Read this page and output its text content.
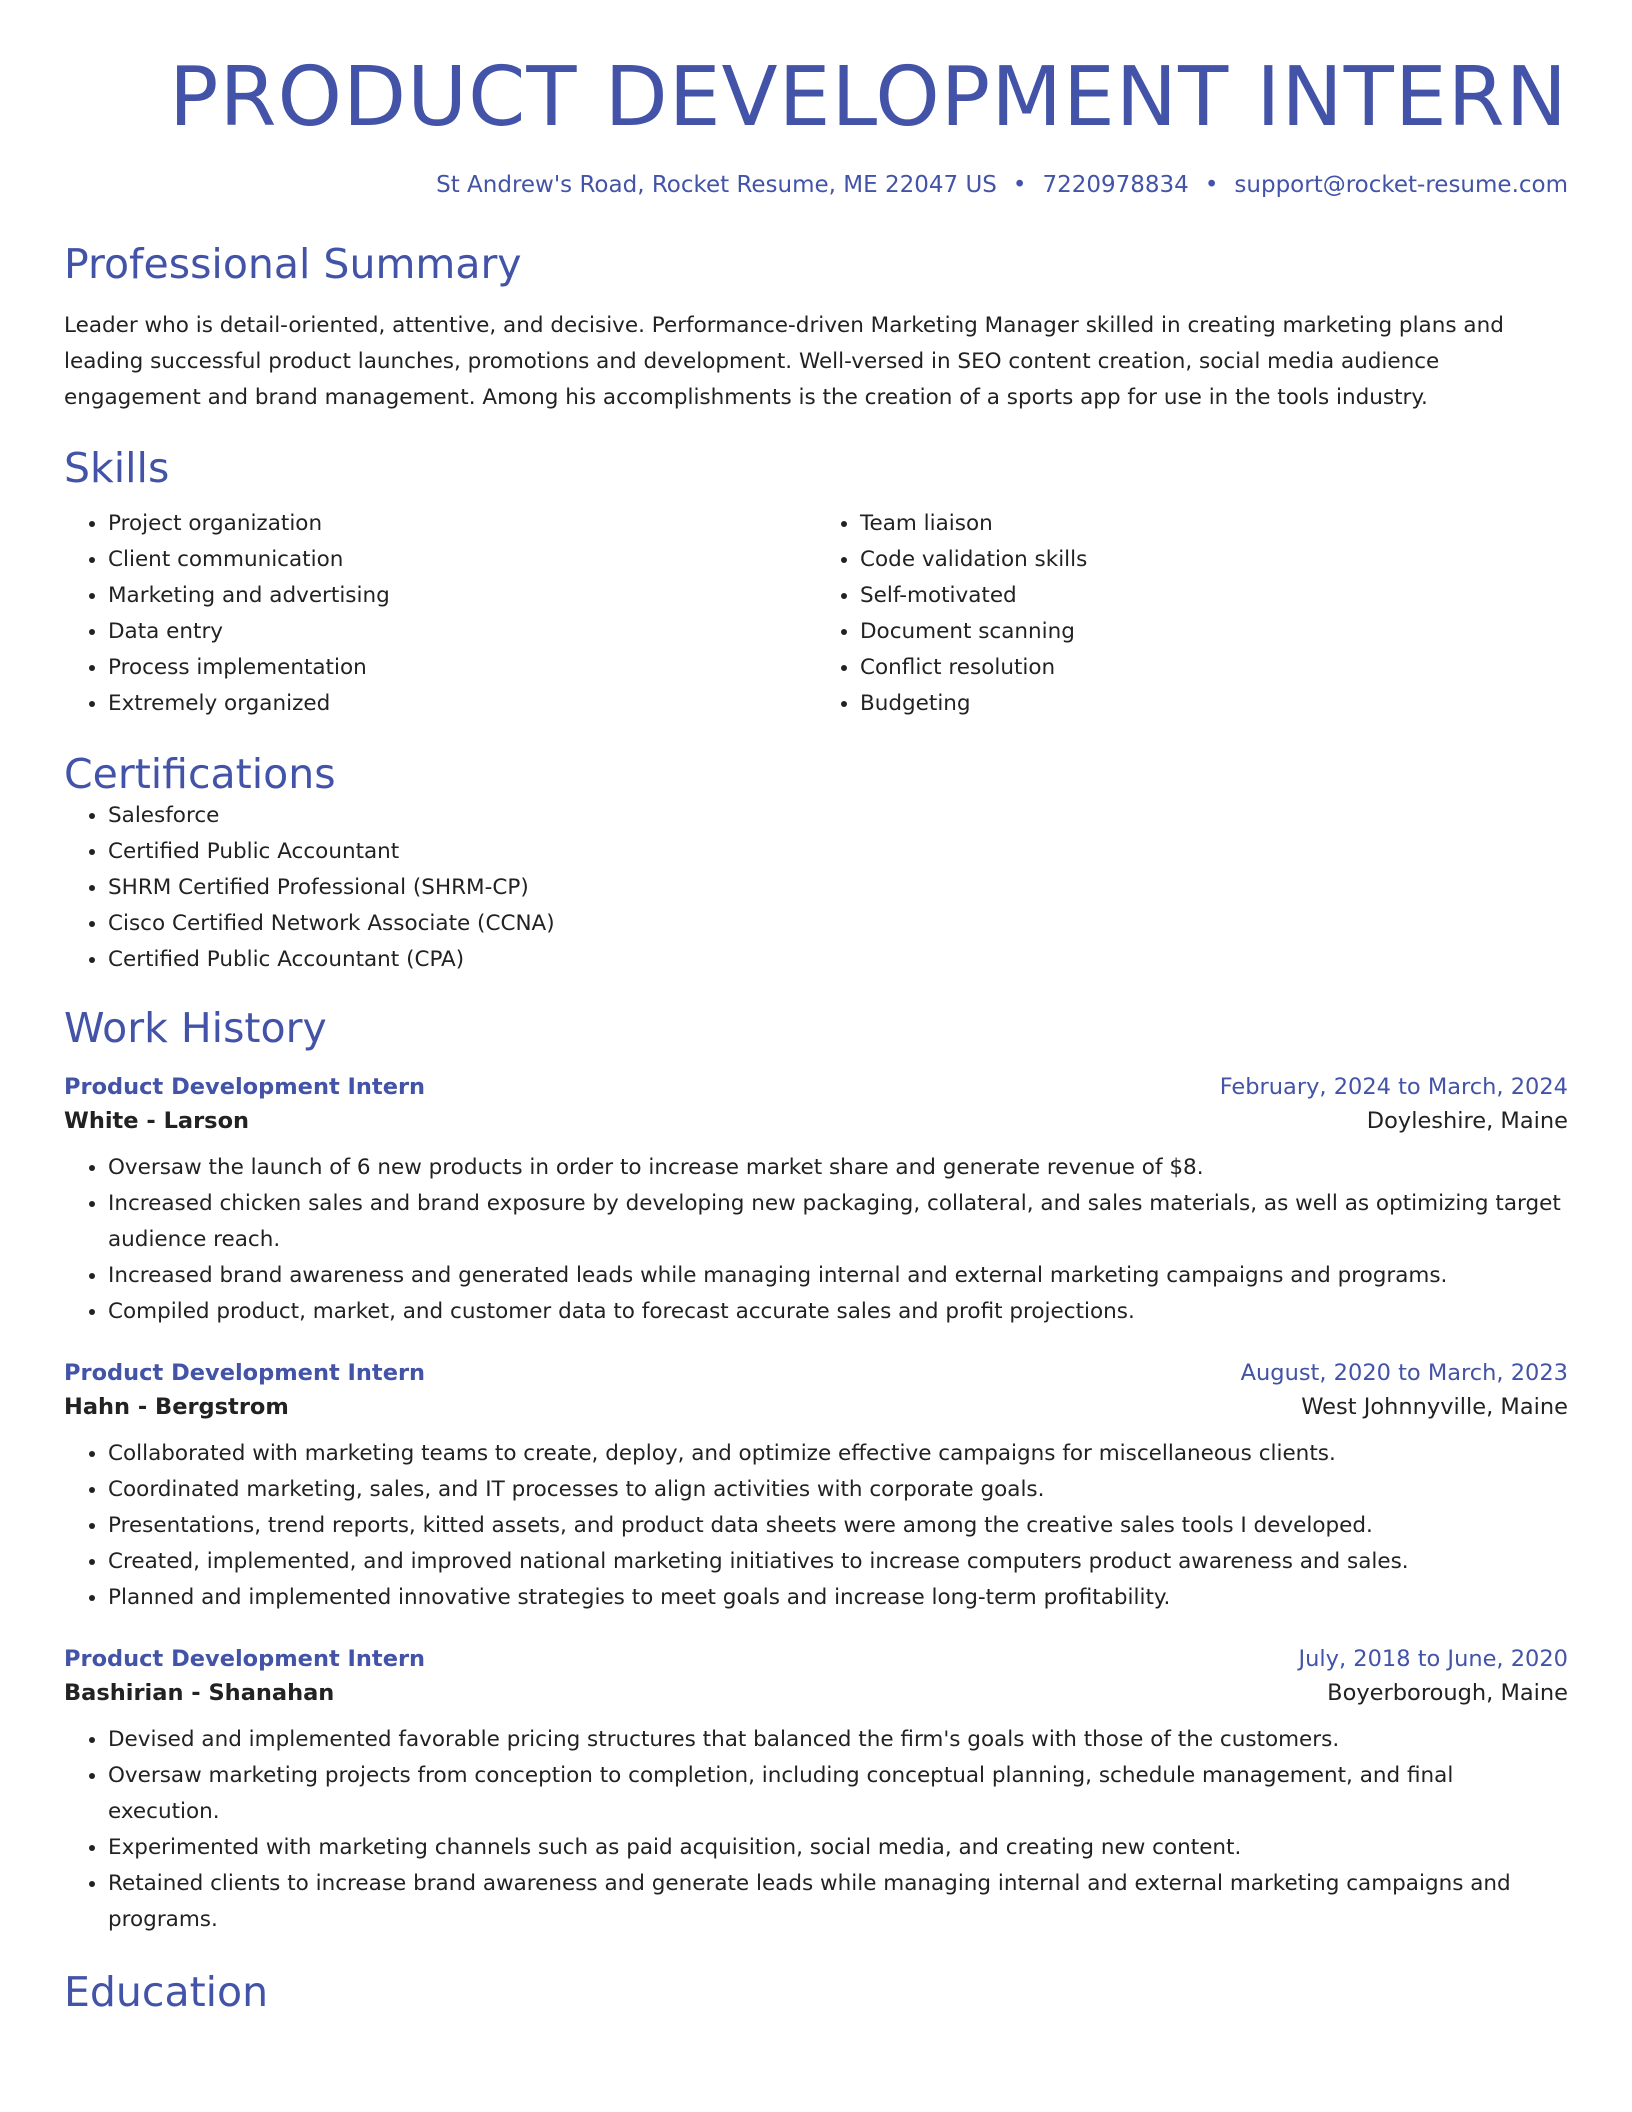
PRODUCT DEVELOPMENT INTERN
St Andrew's Road, Rocket Resume, ME 22047 US • 7220978834 • support@rocket-resume.com
Professional Summary

Leader who is detail-oriented, attentive, and decisive. Performance-driven Marketing Manager skilled in creating marketing plans and leading successful product launches, promotions and development. Well-versed in SEO content creation, social media audience engagement and brand management. Among his accomplishments is the creation of a sports app for use in the tools industry.

Skills
• Project organization
• Client communication
• Marketing and advertising
• Data entry
• Process implementation
• Extremely organized
• Team liaison
• Code validation skills
• Self-motivated
• Document scanning
• Conflict resolution
• Budgeting
Certifications
• Salesforce
• Certified Public Accountant
• SHRM Certified Professional (SHRM-CP)
• Cisco Certified Network Associate (CCNA)
• Certified Public Accountant (CPA)
Work History
Product Development Intern	February, 2024 to March, 2024
White - Larson	Doyleshire, Maine
• Oversaw the launch of 6 new products in order to increase market share and generate revenue of $8.
• Increased chicken sales and brand exposure by developing new packaging, collateral, and sales materials, as well as optimizing target audience reach.
• Increased brand awareness and generated leads while managing internal and external marketing campaigns and programs.
• Compiled product, market, and customer data to forecast accurate sales and profit projections.
Product Development Intern	August, 2020 to March, 2023
Hahn - Bergstrom	West Johnnyville, Maine
• Collaborated with marketing teams to create, deploy, and optimize effective campaigns for miscellaneous clients.
• Coordinated marketing, sales, and IT processes to align activities with corporate goals.
• Presentations, trend reports, kitted assets, and product data sheets were among the creative sales tools I developed.
• Created, implemented, and improved national marketing initiatives to increase computers product awareness and sales.
• Planned and implemented innovative strategies to meet goals and increase long-term profitability.
Product Development Intern	July, 2018 to June, 2020
Bashirian - Shanahan	Boyerborough, Maine
• Devised and implemented favorable pricing structures that balanced the firm's goals with those of the customers.
• Oversaw marketing projects from conception to completion, including conceptual planning, schedule management, and final execution.
• Experimented with marketing channels such as paid acquisition, social media, and creating new content.
• Retained clients to increase brand awareness and generate leads while managing internal and external marketing campaigns and programs.
Education
